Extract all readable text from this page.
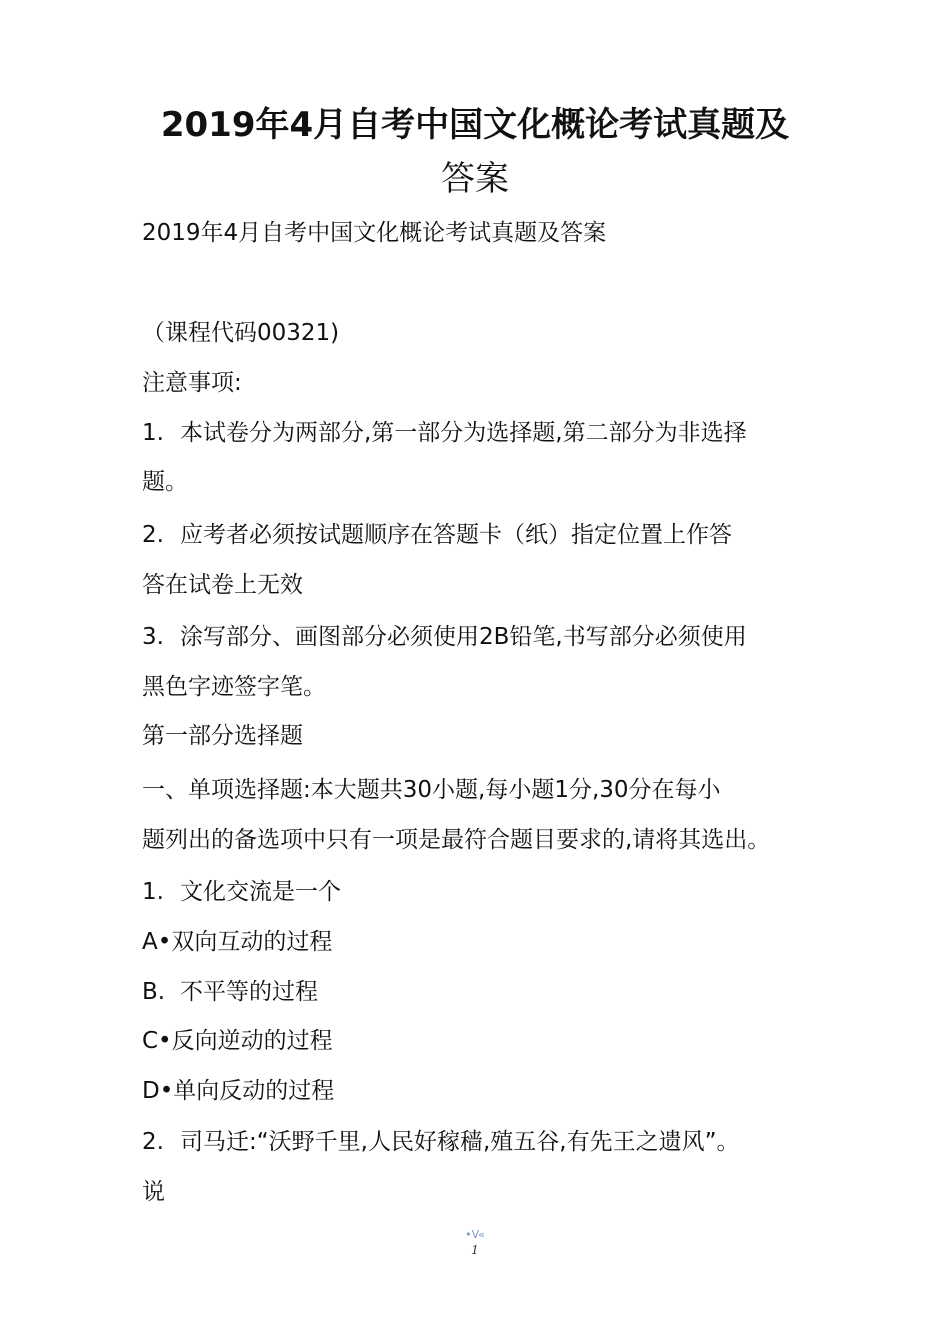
2019年4月自考中国文化概论考试真题及
答案
2019年4月自考中国文化概论考试真题及答案
（课程代码00321)
注意事项:
1. 本试卷分为两部分,第一部分为选择题,第二部分为非选择
题。
2. 应考者必须按试题顺序在答题卡（纸）指定位置上作答
答在试卷上无效
3. 涂写部分、画图部分必须使用2B铅笔,书写部分必须使用
黑色字迹签字笔。
第一部分选择题
一、单项选择题:本大题共30小题,每小题1分,30分在每小
题列出的备选项中只有一项是最符合题目要求的,请将其选出。
1. 文化交流是一个
A•双向互动的过程
B. 不平等的过程
C•反向逆动的过程
D•单向反动的过程
2. 司马迁:“沃野千里,人民好稼穑,殖五谷,有先王之遗风”。
说
•V«
1
